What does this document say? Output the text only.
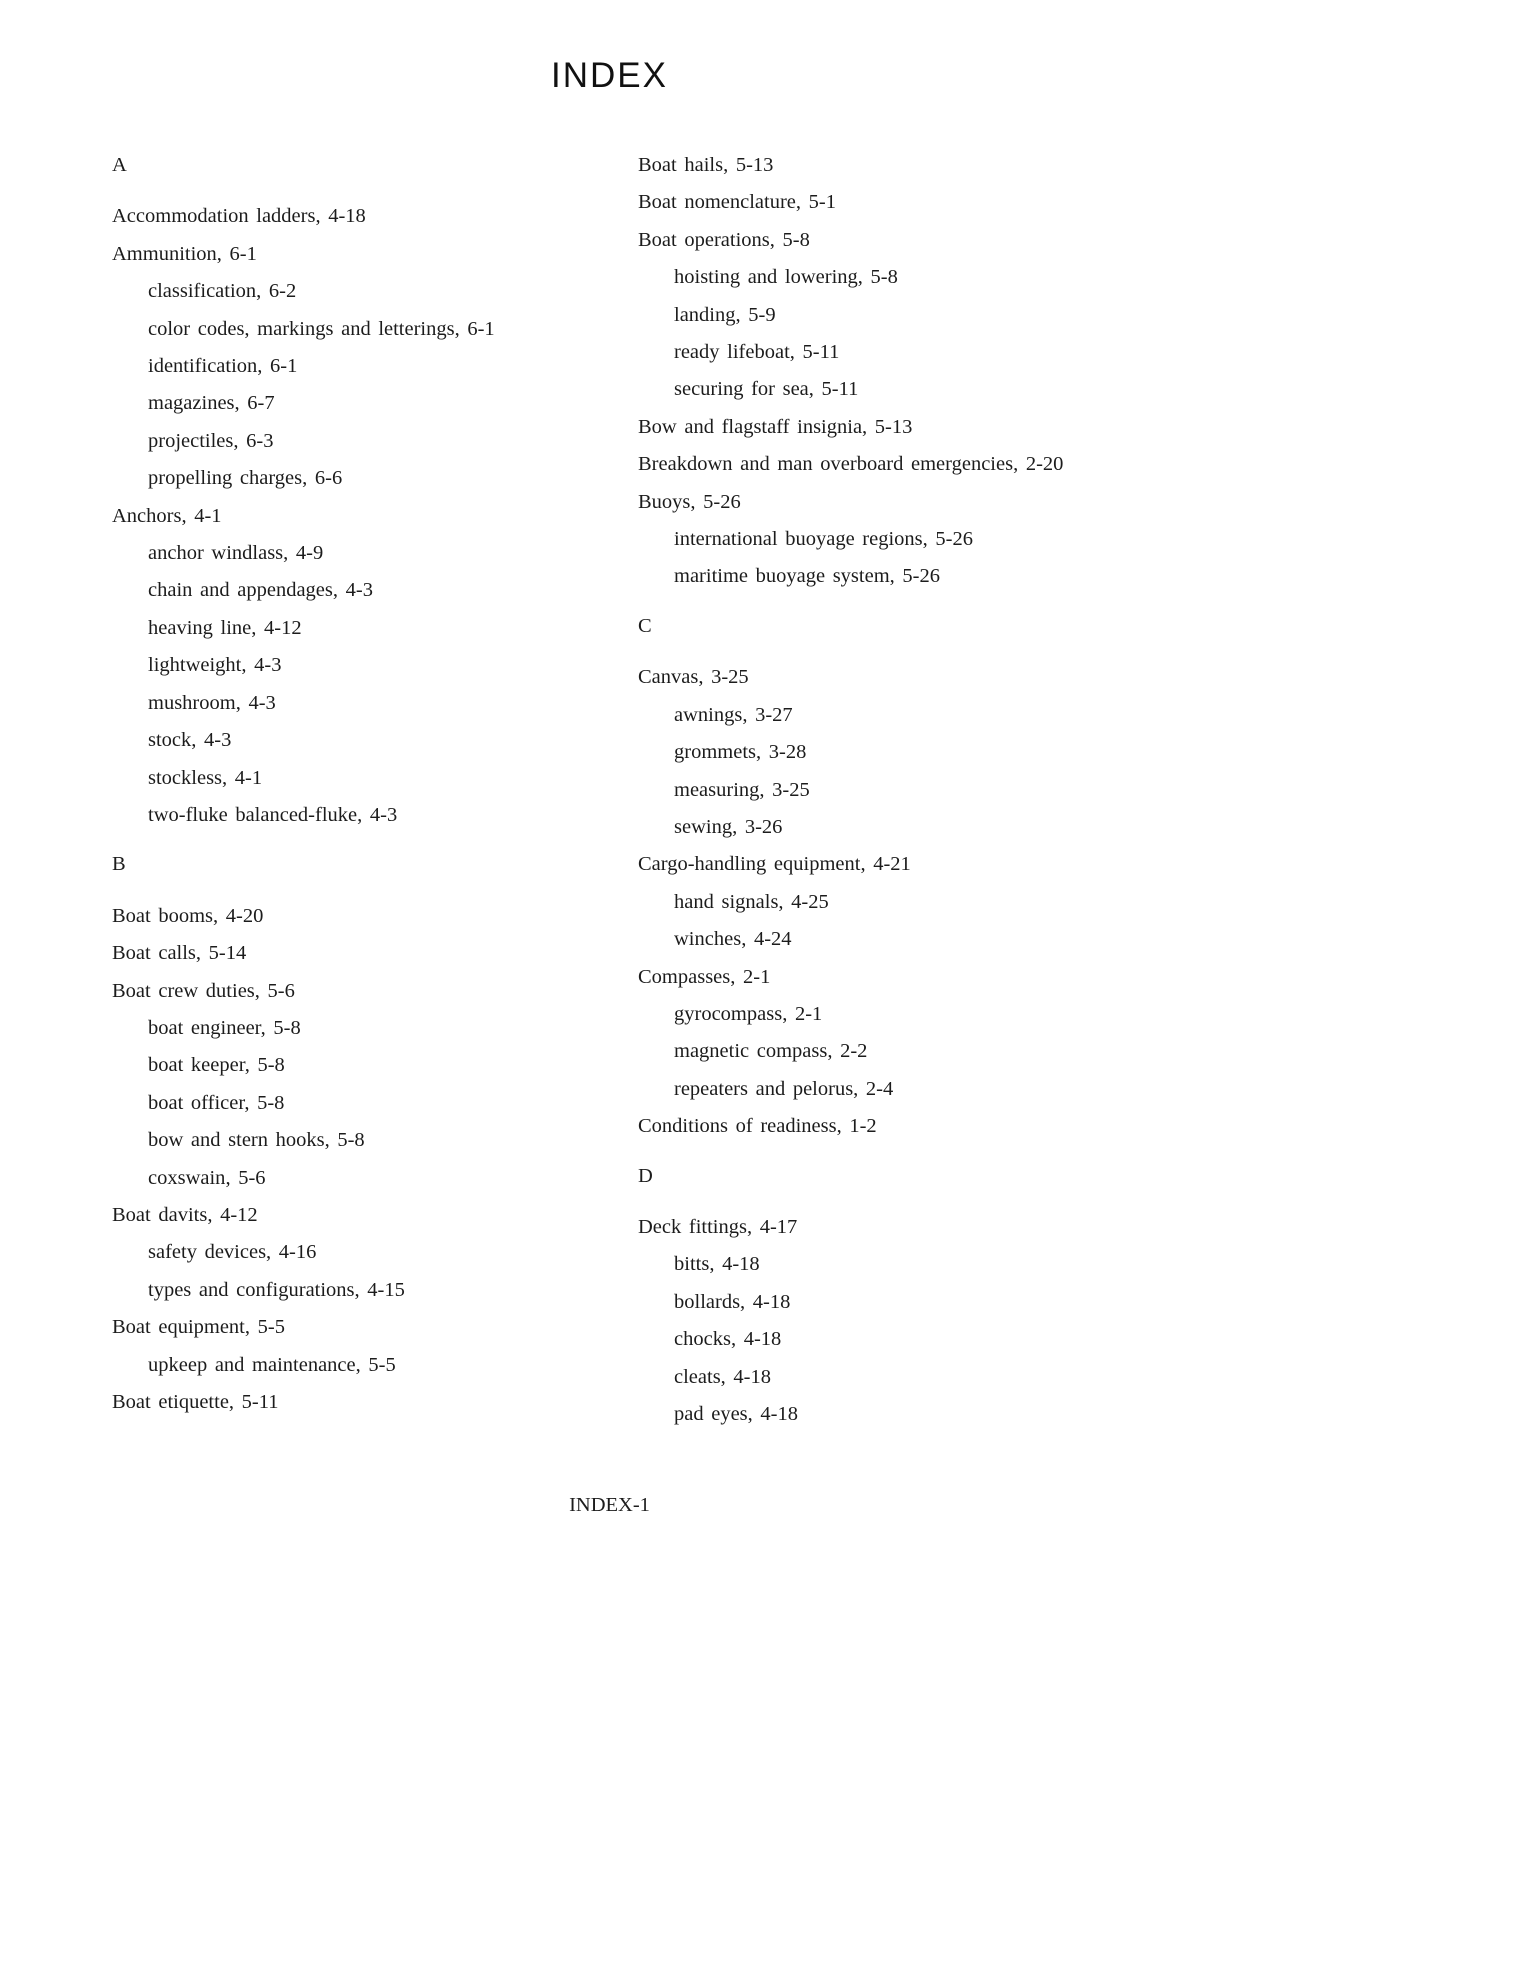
INDEX
A
Accommodation ladders, 4-18
Ammunition, 6-1
classification, 6-2
color codes, markings and letterings, 6-1
identification, 6-1
magazines, 6-7
projectiles, 6-3
propelling charges, 6-6
Anchors, 4-1
anchor windlass, 4-9
chain and appendages, 4-3
heaving line, 4-12
lightweight, 4-3
mushroom, 4-3
stock, 4-3
stockless, 4-1
two-fluke balanced-fluke, 4-3
B
Boat booms, 4-20
Boat calls, 5-14
Boat crew duties, 5-6
boat engineer, 5-8
boat keeper, 5-8
boat officer, 5-8
bow and stern hooks, 5-8
coxswain, 5-6
Boat davits, 4-12
safety devices, 4-16
types and configurations, 4-15
Boat equipment, 5-5
upkeep and maintenance, 5-5
Boat etiquette, 5-11
Boat hails, 5-13
Boat nomenclature, 5-1
Boat operations, 5-8
hoisting and lowering, 5-8
landing, 5-9
ready lifeboat, 5-11
securing for sea, 5-11
Bow and flagstaff insignia, 5-13
Breakdown and man overboard emergencies, 2-20
Buoys, 5-26
international buoyage regions, 5-26
maritime buoyage system, 5-26
C
Canvas, 3-25
awnings, 3-27
grommets, 3-28
measuring, 3-25
sewing, 3-26
Cargo-handling equipment, 4-21
hand signals, 4-25
winches, 4-24
Compasses, 2-1
gyrocompass, 2-1
magnetic compass, 2-2
repeaters and pelorus, 2-4
Conditions of readiness, 1-2
D
Deck fittings, 4-17
bitts, 4-18
bollards, 4-18
chocks, 4-18
cleats, 4-18
pad eyes, 4-18
INDEX-1
